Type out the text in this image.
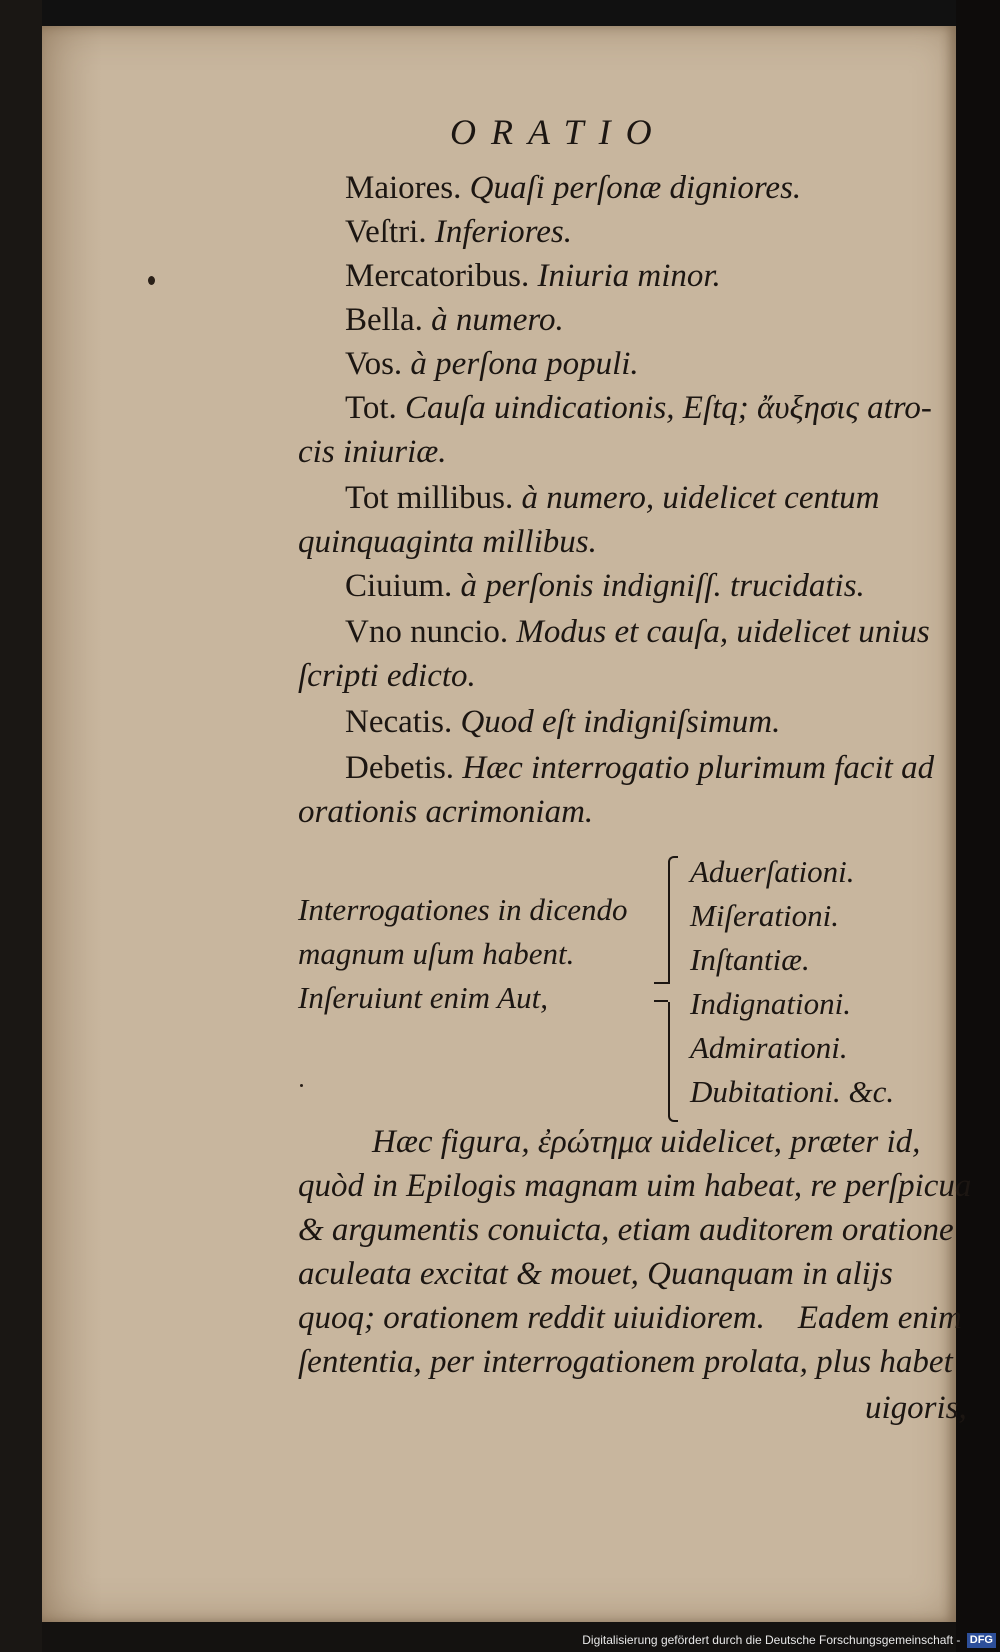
ORATIO
Maiores. Quaſi perſonæ digniores.
Veſtri. Inferiores.
Mercatoribus. Iniuria minor.
Bella. à numero.
Vos. à perſona populi.
Tot. Cauſa uindicationis, Eſtq; ἄυξησις atro-
cis iniuriæ.
Tot millibus. à numero, uidelicet centum
quinquaginta millibus.
Ciuium. à perſonis indigniſſ. trucidatis.
Vno nuncio. Modus et cauſa, uidelicet unius
ſcripti edicto.
Necatis. Quod eſt indigniſsimum.
Debetis. Hæc interrogatio plurimum facit ad
orationis acrimoniam.
Interrogationes in dicendo
magnum uſum habent.
Inſeruiunt enim Aut,
Aduerſationi.
Miſerationi.
Inſtantiæ.
Indignationi.
Admirationi.
Dubitationi. &c.
Hæc figura, ἐρώτημα uidelicet, præter id,
quòd in Epilogis magnam uim habeat, re perſpicua
& argumentis conuicta, etiam auditorem oratione
aculeata excitat & mouet, Quanquam in alijs
quoq; orationem reddit uiuidiorem.    Eadem enim
ſententia, per interrogationem prolata, plus habet
uigoris,
Digitalisierung gefördert durch die Deutsche Forschungsgemeinschaft - DFG
